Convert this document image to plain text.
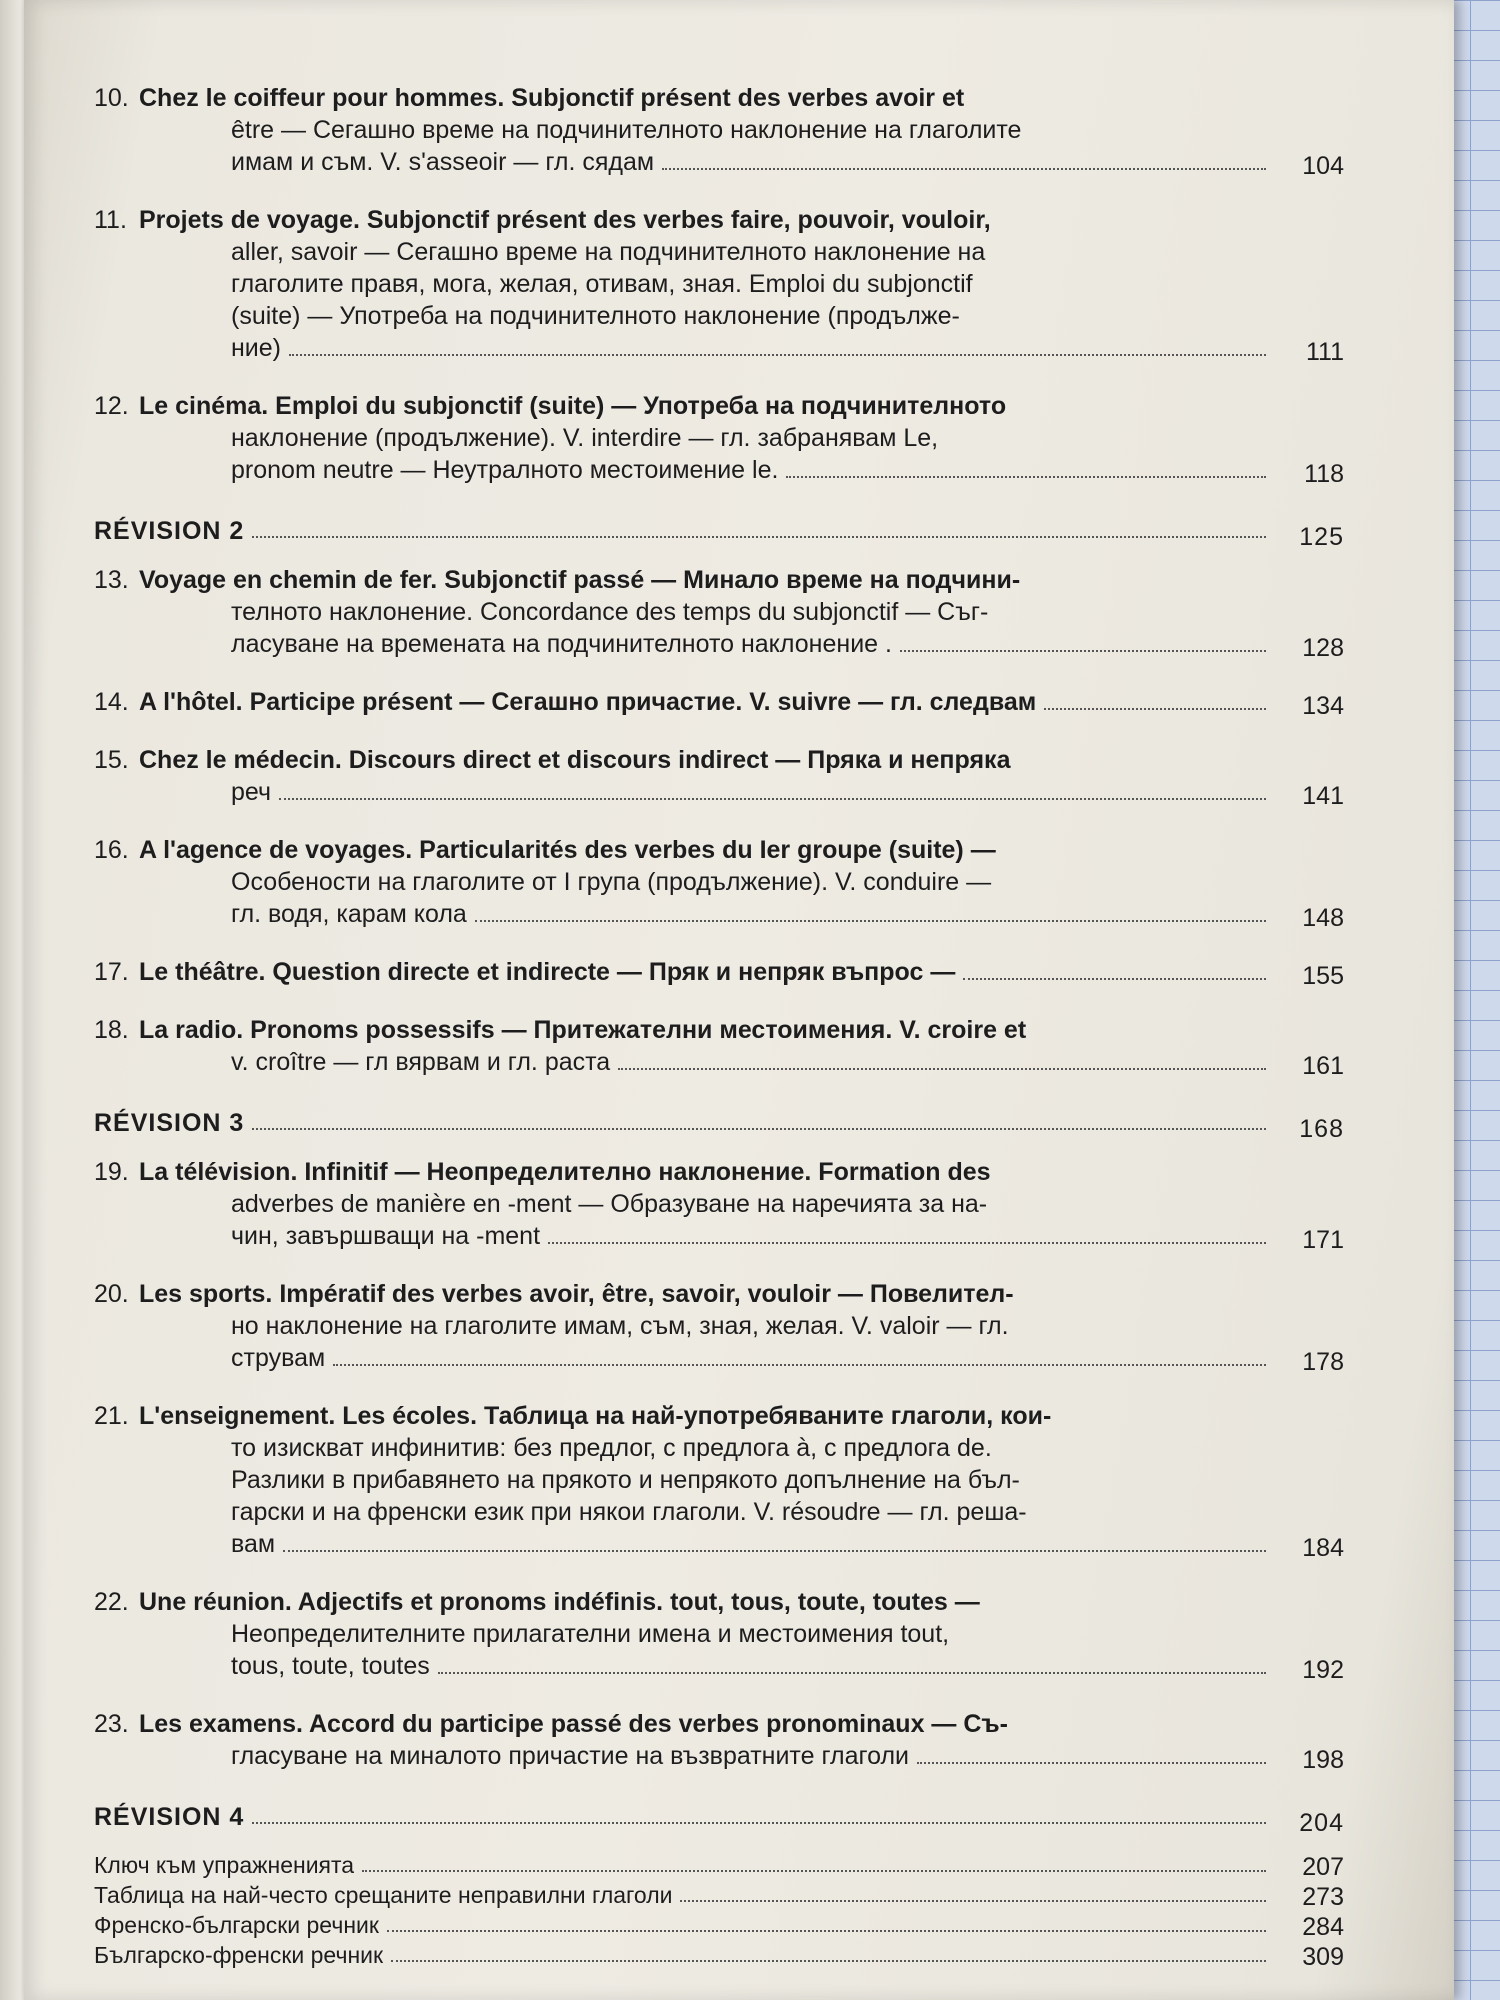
10. Chez le coiffeur pour hommes. Subjonctif présent des verbes avoir et
être — Сегашно време на подчинителното наклонение на глаголите
имам и съм. V. s'asseoir — гл. сядам	104
11. Projets de voyage. Subjonctif présent des verbes faire, pouvoir, vouloir,
aller, savoir — Сегашно време на подчинителното наклонение на
глаголите правя, мога, желая, отивам, зная. Emploi du subjonctif
(suite) — Употреба на подчинителното наклонение (продълже-
ние)	111
12. Le cinéma. Emploi du subjonctif (suite) — Употреба на подчинителното
наклонение (продължение). V. interdire — гл. забранявам Le,
pronom neutre — Неутралното местоимение le.	118
RÉVISION 2	125
13. Voyage en chemin de fer. Subjonctif passé — Минало време на подчини-
телното наклонение. Concordance des temps du subjonctif — Съг-
ласуване на времената на подчинителното наклонение .	128
14. A l'hôtel. Participe présent — Сегашно причастие. V. suivre — гл. следвам	134
15. Chez le médecin. Discours direct et discours indirect — Пряка и непряка
реч	141
16. A l'agence de voyages. Particularités des verbes du Ier groupe (suite) —
Особености на глаголите от I група (продължение). V. conduire —
гл. водя, карам кола	148
17. Le théâtre. Question directe et indirecte — Пряк и непряк въпрос —	155
18. La radio. Pronoms possessifs — Притежателни местоимения. V. croire et
v. croître — гл вярвам и гл. раста	161
RÉVISION 3	168
19. La télévision. Infinitif — Неопределително наклонение. Formation des
adverbes de manière en -ment — Образуване на наречията за на-
чин, завършващи на -ment	171
20. Les sports. Impératif des verbes avoir, être, savoir, vouloir — Повелител-
но наклонение на глаголите имам, съм, зная, желая. V. valoir — гл.
струвам	178
21. L'enseignement. Les écoles. Таблица на най-употребяваните глаголи, кои-
то изискват инфинитив: без предлог, с предлога à, с предлога de.
Разлики в прибавянето на прякото и непрякото допълнение на бъл-
гарски и на френски език при някои глаголи. V. résoudre — гл. реша-
вам	184
22. Une réunion. Adjectifs et pronoms indéfinis. tout, tous, toute, toutes —
Неопределителните прилагателни имена и местоимения tout,
tous, toute, toutes	192
23. Les examens. Accord du participe passé des verbes pronominaux — Съ-
гласуване на миналото причастие на възвратните глаголи	198
RÉVISION 4	204
Ключ към упражненията	207
Таблица на най-често срещаните неправилни глаголи	273
Френско-български речник	284
Българско-френски речник	309
